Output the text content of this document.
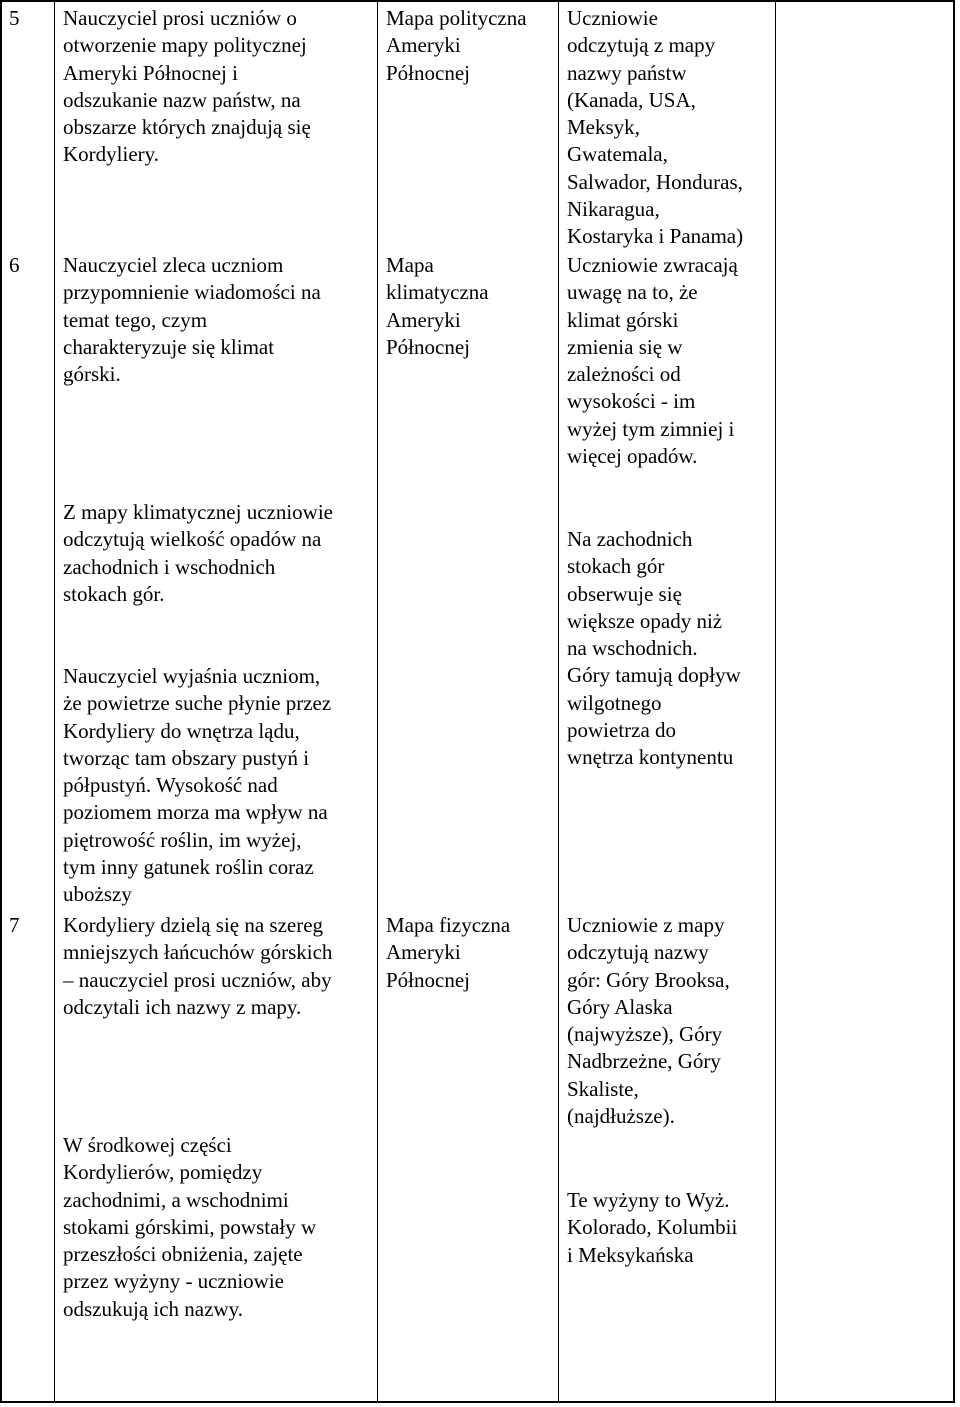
5 Nauczyciel prosi uczniów o
otworzenie mapy politycznej
Ameryki Północnej i
odszukanie nazw państw, na
obszarze których znajdują się
Kordyliery.
Mapa polityczna
Ameryki
Północnej
Uczniowie
odczytują z mapy
nazwy państw
(Kanada, USA,
Meksyk,
Gwatemala,
Salwador, Honduras,
Nikaragua,
Kostaryka i Panama)
6 Nauczyciel zleca uczniom
przypomnienie wiadomości na
temat tego, czym
charakteryzuje się klimat
górski.
Mapa
klimatyczna
Ameryki
Północnej
Uczniowie zwracają
uwagę na to, że
klimat górski
zmienia się w
zależności od
wysokości - im
wyżej tym zimniej i
więcej opadów.
Z mapy klimatycznej uczniowie
odczytują wielkość opadów na
zachodnich i wschodnich
stokach gór.
Na zachodnich
stokach gór
obserwuje się
większe opady niż
na wschodnich.
Góry tamują dopływ
wilgotnego
powietrza do
wnętrza kontynentu
Nauczyciel wyjaśnia uczniom,
że powietrze suche płynie przez
Kordyliery do wnętrza lądu,
tworząc tam obszary pustyń i
półpustyń. Wysokość nad
poziomem morza ma wpływ na
piętrowość roślin, im wyżej,
tym inny gatunek roślin coraz
uboższy
7 Kordyliery dzielą się na szereg
mniejszych łańcuchów górskich
– nauczyciel prosi uczniów, aby
odczytali ich nazwy z mapy.
Mapa fizyczna
Ameryki
Północnej
Uczniowie z mapy
odczytują nazwy
gór: Góry Brooksa,
Góry Alaska
(najwyższe), Góry
Nadbrzeżne, Góry
Skaliste,
(najdłuższe).
W środkowej części
Kordylierów, pomiędzy
zachodnimi, a wschodnimi
stokami górskimi, powstały w
przeszłości obniżenia, zajęte
przez wyżyny - uczniowie
odszukują ich nazwy.
Te wyżyny to Wyż.
Kolorado, Kolumbii
i Meksykańska
